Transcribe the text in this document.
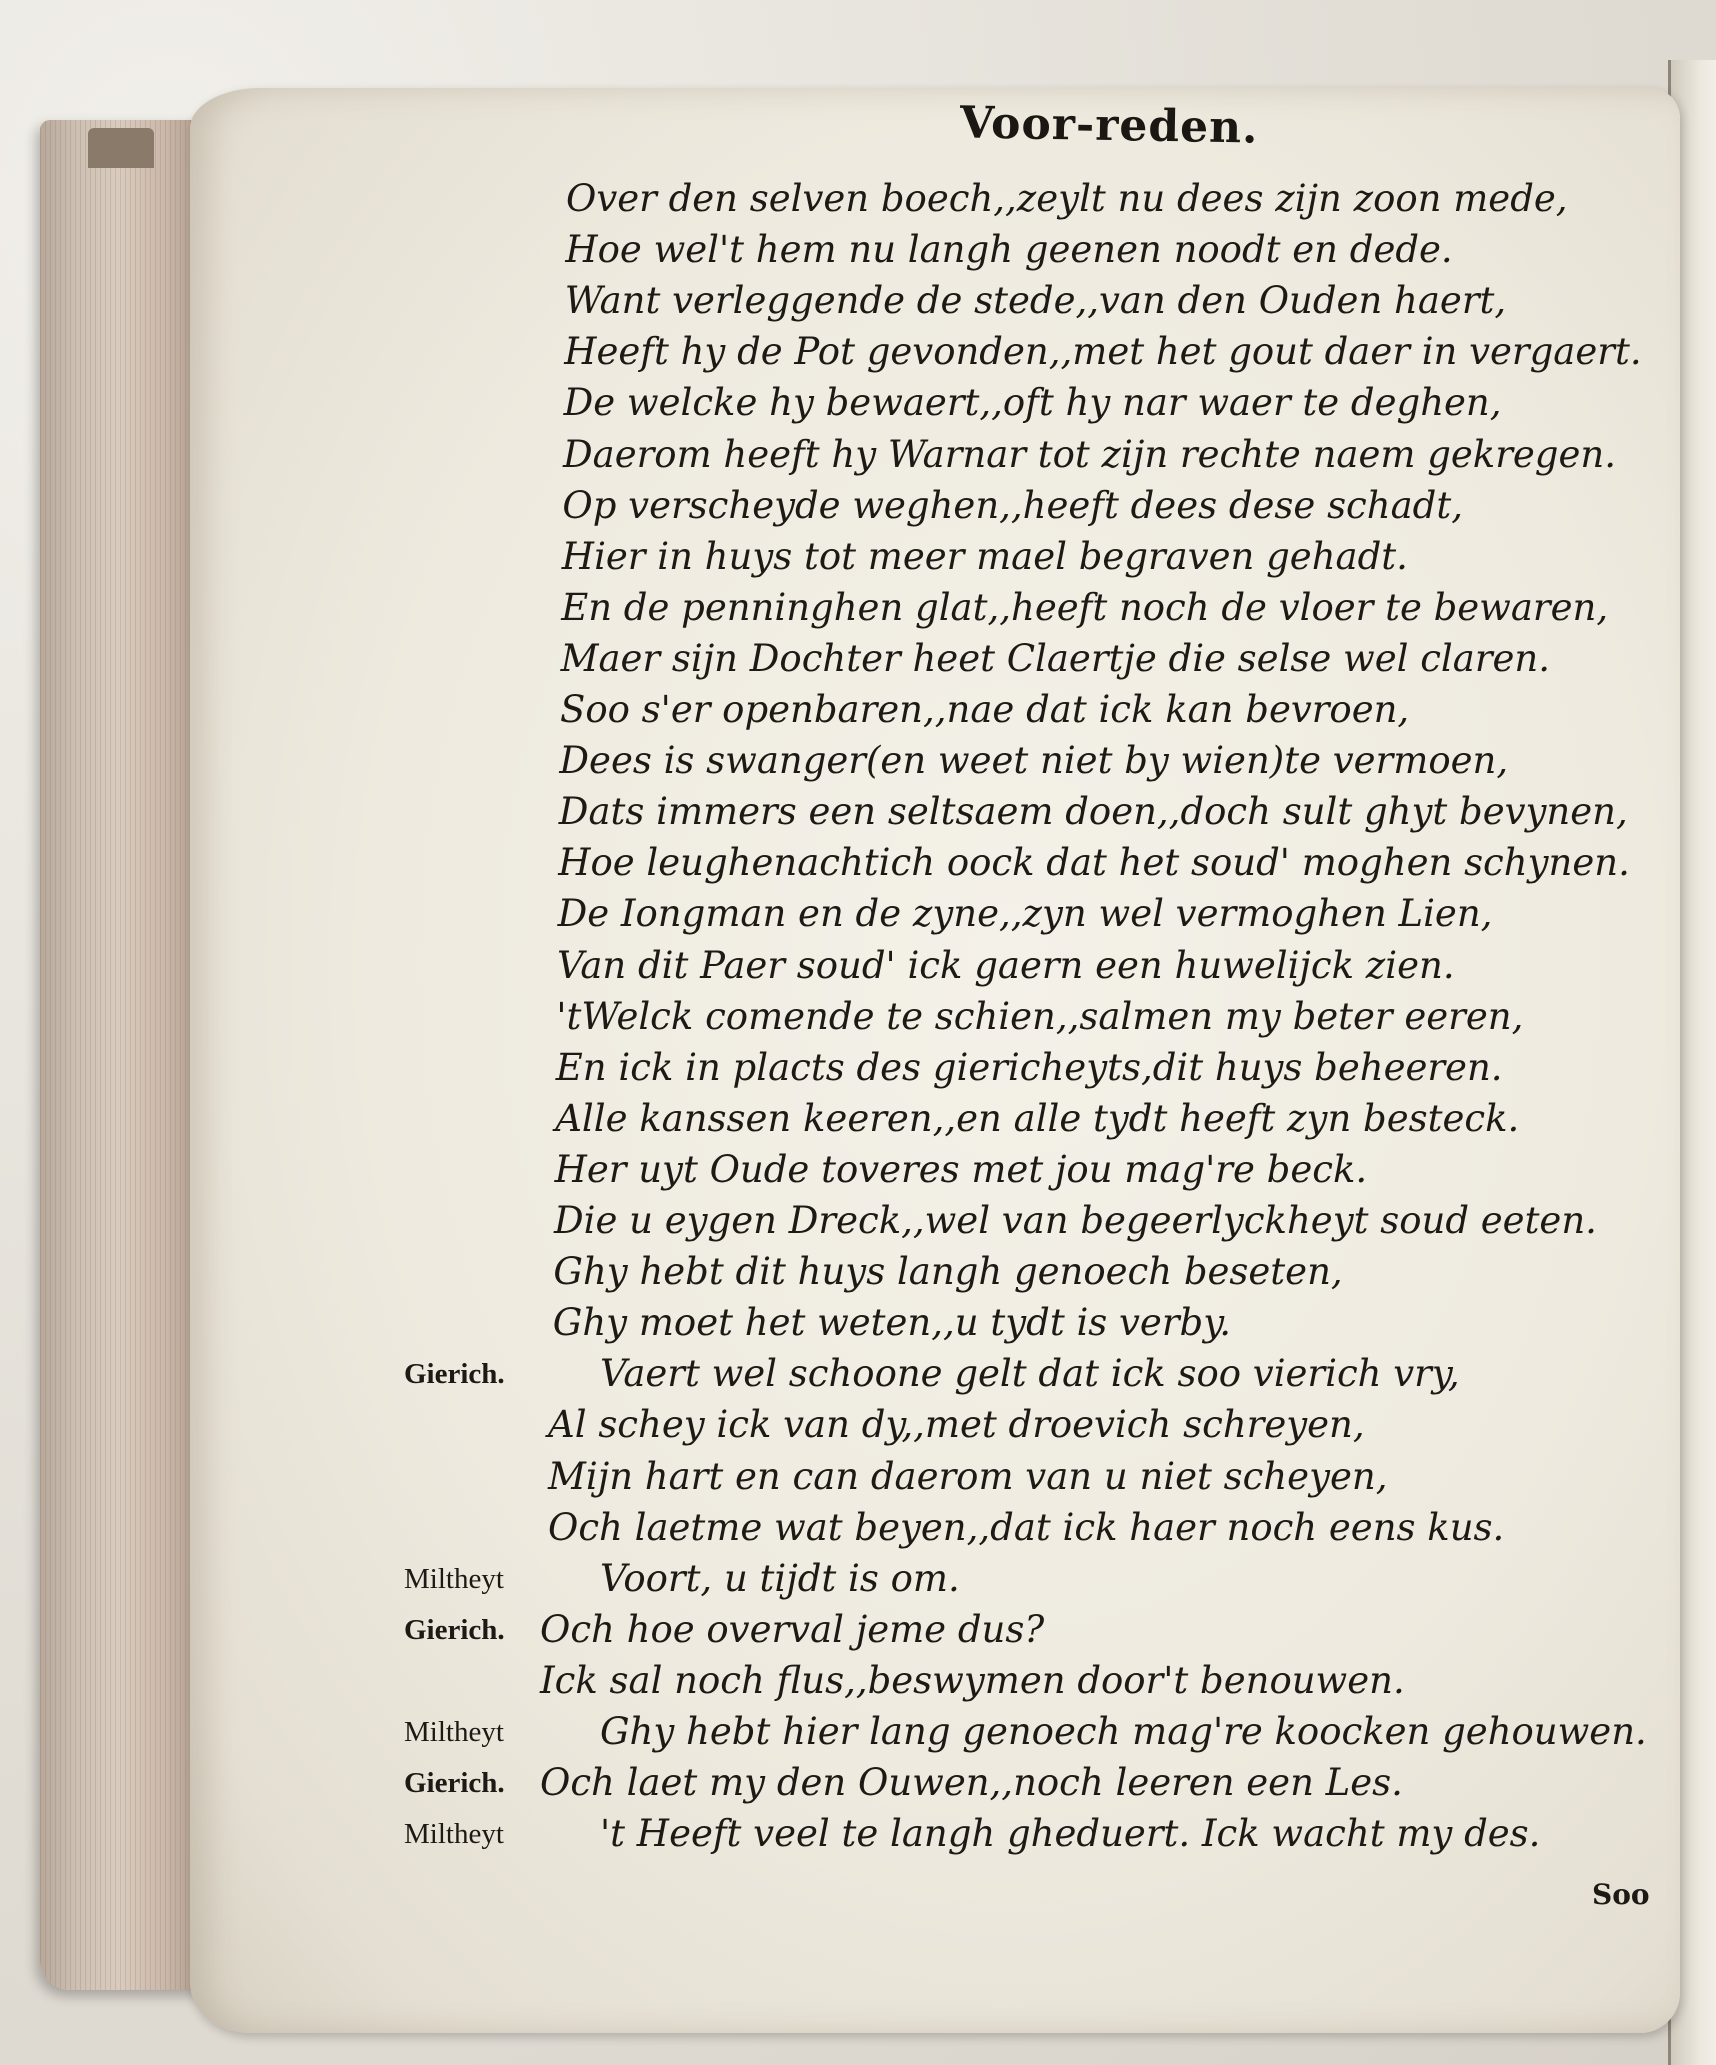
Voor-reden.
Over den selven boech,,zeylt nu dees zijn zoon mede,
Hoe wel't hem nu langh geenen noodt en dede.
Want verleggende de stede,,van den Ouden haert,
Heeft hy de Pot gevonden,,met het gout daer in vergaert.
De welcke hy bewaert,,oft hy nar waer te deghen,
Daerom heeft hy Warnar tot zijn rechte naem gekregen.
Op verscheyde weghen,,heeft dees dese schadt,
Hier in huys tot meer mael begraven gehadt.
En de penninghen glat,,heeft noch de vloer te bewaren,
Maer sijn Dochter heet Claertje die selse wel claren.
Soo s'er openbaren,,nae dat ick kan bevroen,
Dees is swanger(en weet niet by wien)te vermoen,
Dats immers een seltsaem doen,,doch sult ghyt bevynen,
Hoe leughenachtich oock dat het soud' moghen schynen.
De Iongman en de zyne,,zyn wel vermoghen Lien,
Van dit Paer soud' ick gaern een huwelijck zien.
'tWelck comende te schien,,salmen my beter eeren,
En ick in placts des giericheyts,dit huys beheeren.
Alle kanssen keeren,,en alle tydt heeft zyn besteck.
Her uyt Oude toveres met jou mag're beck.
Die u eygen Dreck,,wel van begeerlyckheyt soud eeten.
Ghy hebt dit huys langh genoech beseten,
Ghy moet het weten,,u tydt is verby.
Gierich.	Vaert wel schoone gelt dat ick soo vierich vry,
Al schey ick van dy,,met droevich schreyen,
Mijn hart en can daerom van u niet scheyen,
Och laetme wat beyen,,dat ick haer noch eens kus.
Miltheyt	Voort, u tijdt is om.
Gierich. Och hoe overval jeme dus?
Ick sal noch flus,,beswymen door't benouwen.
Miltheyt	Ghy hebt hier lang genoech mag're koocken gehouwen.
Gierich. Och laet my den Ouwen,,noch leeren een Les.
Miltheyt	't Heeft veel te langh gheduert. Ick wacht my des.
Soo
